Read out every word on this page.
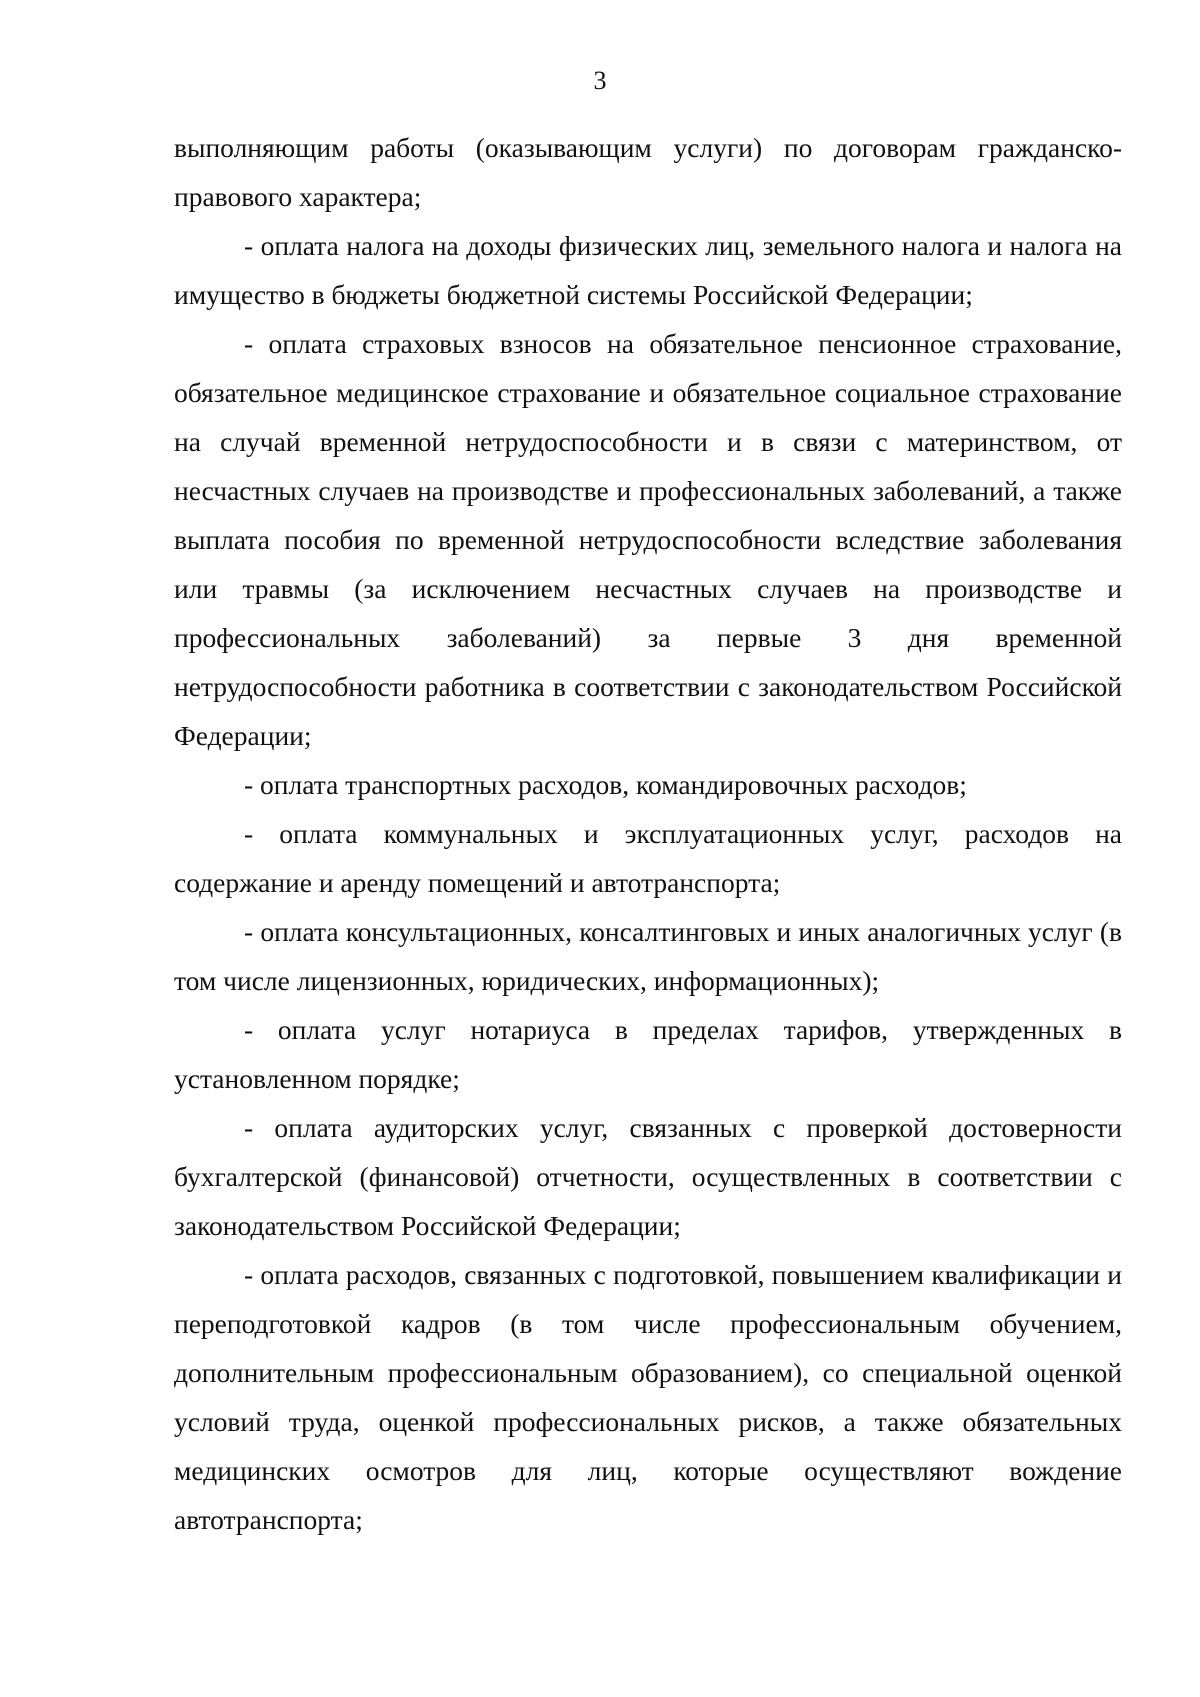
3

выполняющим работы (оказывающим услуги) по договорам гражданско-правового характера;

- оплата налога на доходы физических лиц, земельного налога и налога на имущество в бюджеты бюджетной системы Российской Федерации;

- оплата страховых взносов на обязательное пенсионное страхование, обязательное медицинское страхование и обязательное социальное страхование на случай временной нетрудоспособности и в связи с материнством, от несчастных случаев на производстве и профессиональных заболеваний, а также выплата пособия по временной нетрудоспособности вследствие заболевания или травмы (за исключением несчастных случаев на производстве и профессиональных заболеваний) за первые 3 дня временной нетрудоспособности работника в соответствии с законодательством Российской Федерации;

- оплата транспортных расходов, командировочных расходов;

- оплата коммунальных и эксплуатационных услуг, расходов на содержание и аренду помещений и автотранспорта;

- оплата консультационных, консалтинговых и иных аналогичных услуг (в том числе лицензионных, юридических, информационных);

- оплата услуг нотариуса в пределах тарифов, утвержденных в установленном порядке;

- оплата аудиторских услуг, связанных с проверкой достоверности бухгалтерской (финансовой) отчетности, осуществленных в соответствии с законодательством Российской Федерации;

- оплата расходов, связанных с подготовкой, повышением квалификации и переподготовкой кадров (в том числе профессиональным обучением, дополнительным профессиональным образованием), со специальной оценкой условий труда, оценкой профессиональных рисков, а также обязательных медицинских осмотров для лиц, которые осуществляют вождение автотранспорта;
